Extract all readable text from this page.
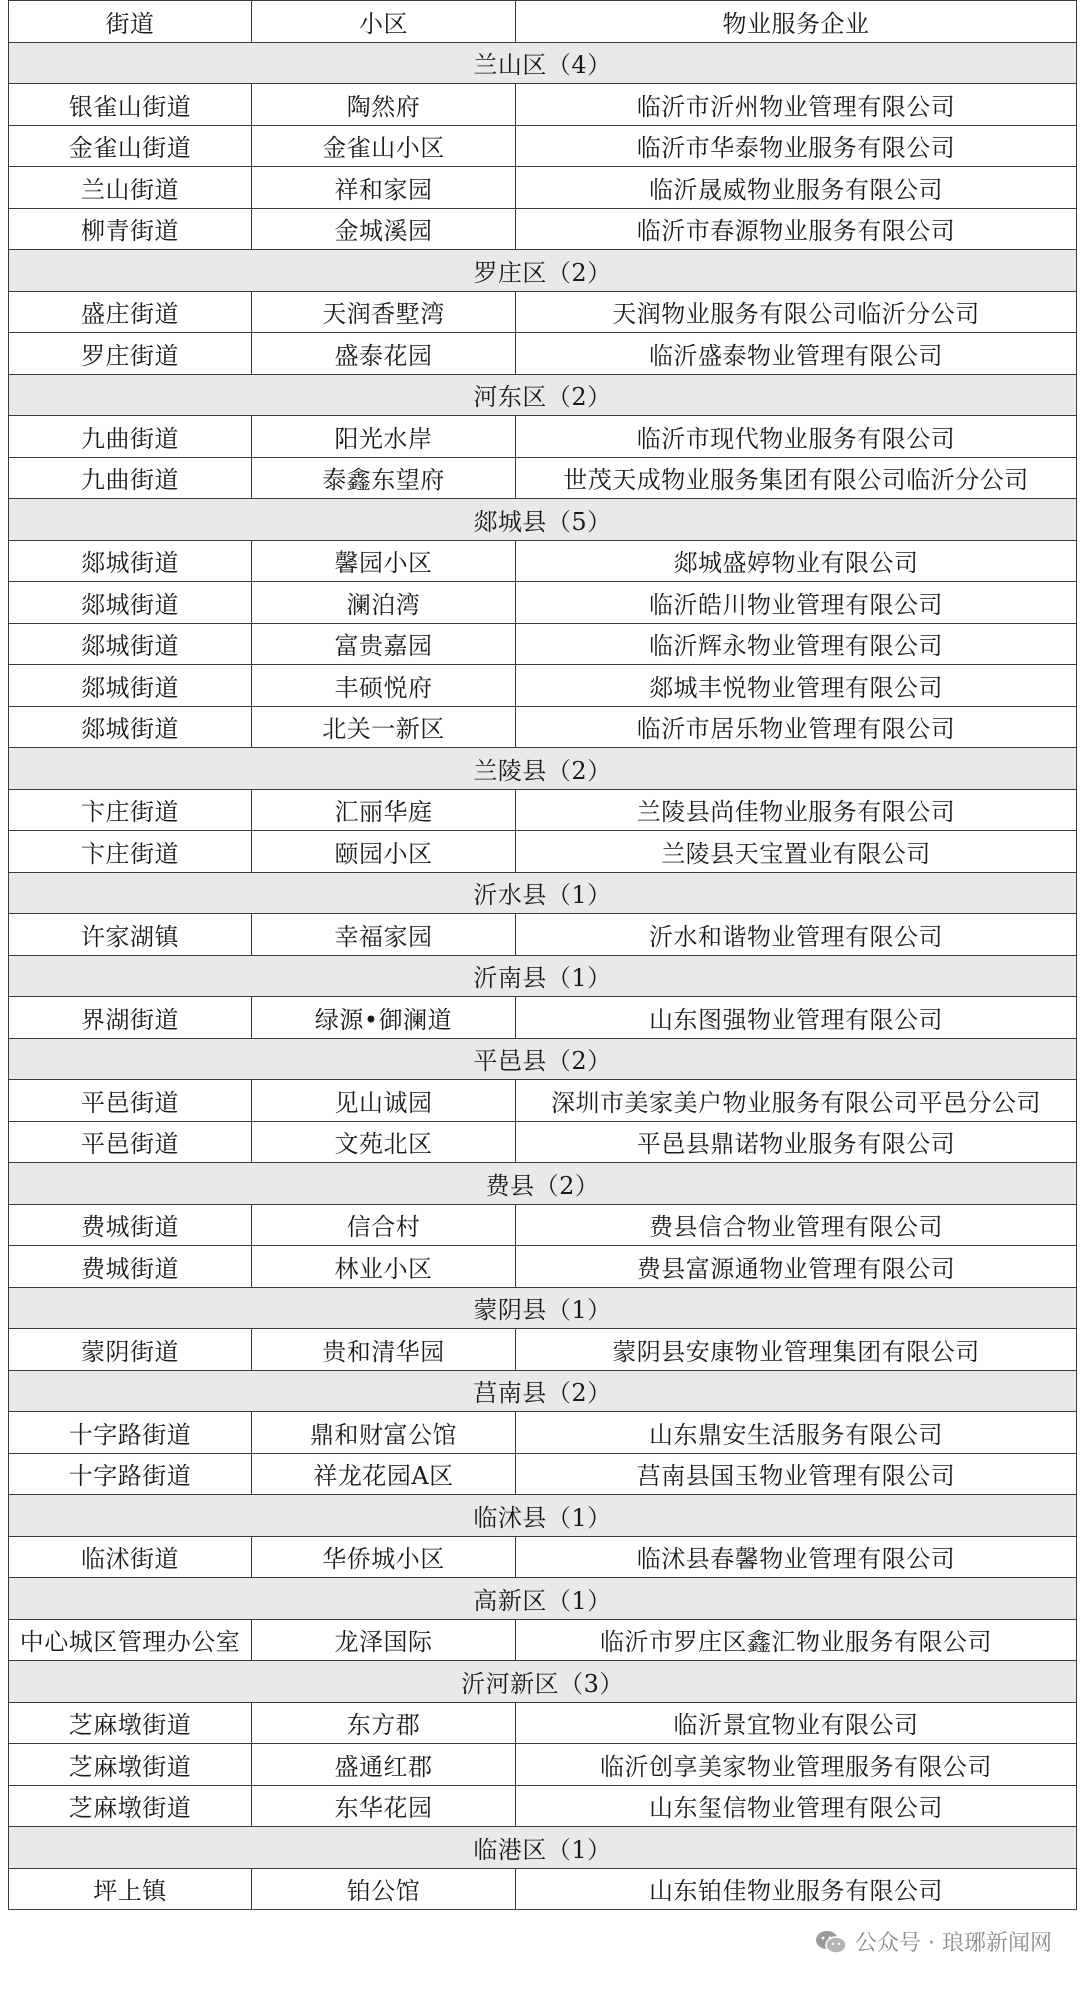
街道	小区	物业服务企业
兰山区（4）		
银雀山街道	陶然府	临沂市沂州物业管理有限公司
金雀山街道	金雀山小区	临沂市华泰物业服务有限公司
兰山街道	祥和家园	临沂晟威物业服务有限公司
柳青街道	金城溪园	临沂市春源物业服务有限公司
罗庄区（2）		
盛庄街道	天润香墅湾	天润物业服务有限公司临沂分公司
罗庄街道	盛泰花园	临沂盛泰物业管理有限公司
河东区（2）		
九曲街道	阳光水岸	临沂市现代物业服务有限公司
九曲街道	泰鑫东望府	世茂天成物业服务集团有限公司临沂分公司
郯城县（5）		
郯城街道	馨园小区	郯城盛婷物业有限公司
郯城街道	澜泊湾	临沂皓川物业管理有限公司
郯城街道	富贵嘉园	临沂辉永物业管理有限公司
郯城街道	丰硕悦府	郯城丰悦物业管理有限公司
郯城街道	北关一新区	临沂市居乐物业管理有限公司
兰陵县（2）		
卞庄街道	汇丽华庭	兰陵县尚佳物业服务有限公司
卞庄街道	颐园小区	兰陵县天宝置业有限公司
沂水县（1）		
许家湖镇	幸福家园	沂水和谐物业管理有限公司
沂南县（1）		
界湖街道	绿源•御澜道	山东图强物业管理有限公司
平邑县（2）		
平邑街道	见山诚园	深圳市美家美户物业服务有限公司平邑分公司
平邑街道	文苑北区	平邑县鼎诺物业服务有限公司
费县（2）		
费城街道	信合村	费县信合物业管理有限公司
费城街道	林业小区	费县富源通物业管理有限公司
蒙阴县（1）		
蒙阴街道	贵和清华园	蒙阴县安康物业管理集团有限公司
莒南县（2）		
十字路街道	鼎和财富公馆	山东鼎安生活服务有限公司
十字路街道	祥龙花园A区	莒南县国玉物业管理有限公司
临沭县（1）		
临沭街道	华侨城小区	临沭县春馨物业管理有限公司
高新区（1）		
中心城区管理办公室	龙泽国际	临沂市罗庄区鑫汇物业服务有限公司
沂河新区（3）		
芝麻墩街道	东方郡	临沂景宜物业有限公司
芝麻墩街道	盛通红郡	临沂创享美家物业管理服务有限公司
芝麻墩街道	东华花园	山东玺信物业管理有限公司
临港区（1）		
坪上镇	铂公馆	山东铂佳物业服务有限公司
公众号 · 琅琊新闻网
